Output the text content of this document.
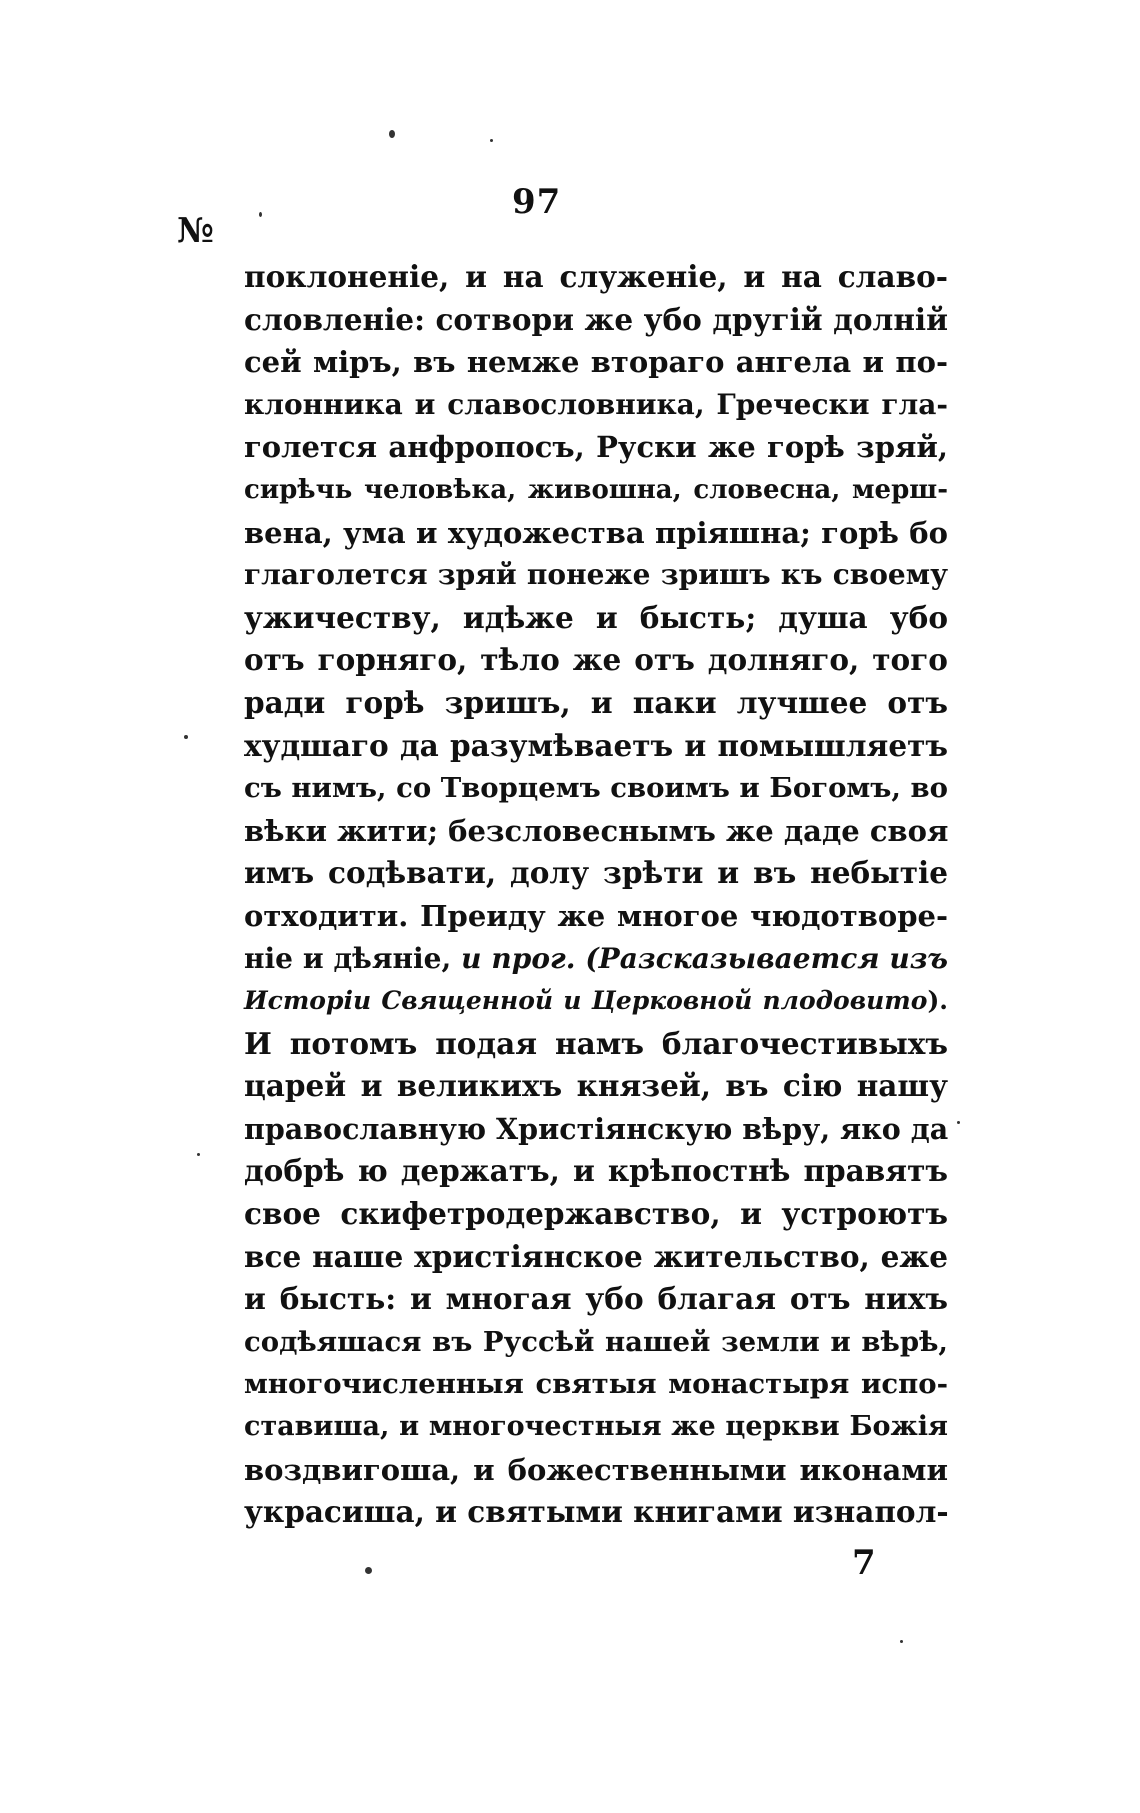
97
№
поклоненіе, и на служеніе, и на славо-
словленіе: сотвори же убо другій долній
сей міръ, въ немже вторaго ангела и по-
клонника и славословника, Гречески гла-
голется анфропосъ, Руски же горѣ зряй,
сирѣчь человѣка, живошна, словесна, мерш-
вена, ума и художества пріяшна; горѣ бо
глаголется зряй понеже зришъ къ своему
ужичеству, идѣже и бысть; душа убо
отъ горняго, тѣло же отъ долняго, того
ради горѣ зришъ, и паки лучшее отъ
худшаго да разумѣваетъ и помышляетъ
съ нимъ, со Творцемъ своимъ и Богомъ, во
вѣки жити; безсловеснымъ же даде своя
имъ содѣвати, долу зрѣти и въ небытіе
отходити. Преиду же многое чюдотворе-
ніе и дѣяніе, и прог. (Разсказывается изъ
Исторіи Священной и Церковной плодовито).
И потомъ подая намъ благочестивыхъ
царей и великихъ князей, въ сію нашу
православную Христіянскую вѣру, яко да
добрѣ ю держатъ, и крѣпостнѣ правятъ
свое скифетродержавство, и устроютъ
все наше христіянское жительство, еже
и бысть: и многая убо благая отъ нихъ
содѣяшася въ Руссѣй нашей земли и вѣрѣ,
многочисленныя святыя монастыря испо-
ставиша, и многочестныя же церкви Божія
воздвигоша, и божественными иконами
украсиша, и святыми книгами изнапол-
7
